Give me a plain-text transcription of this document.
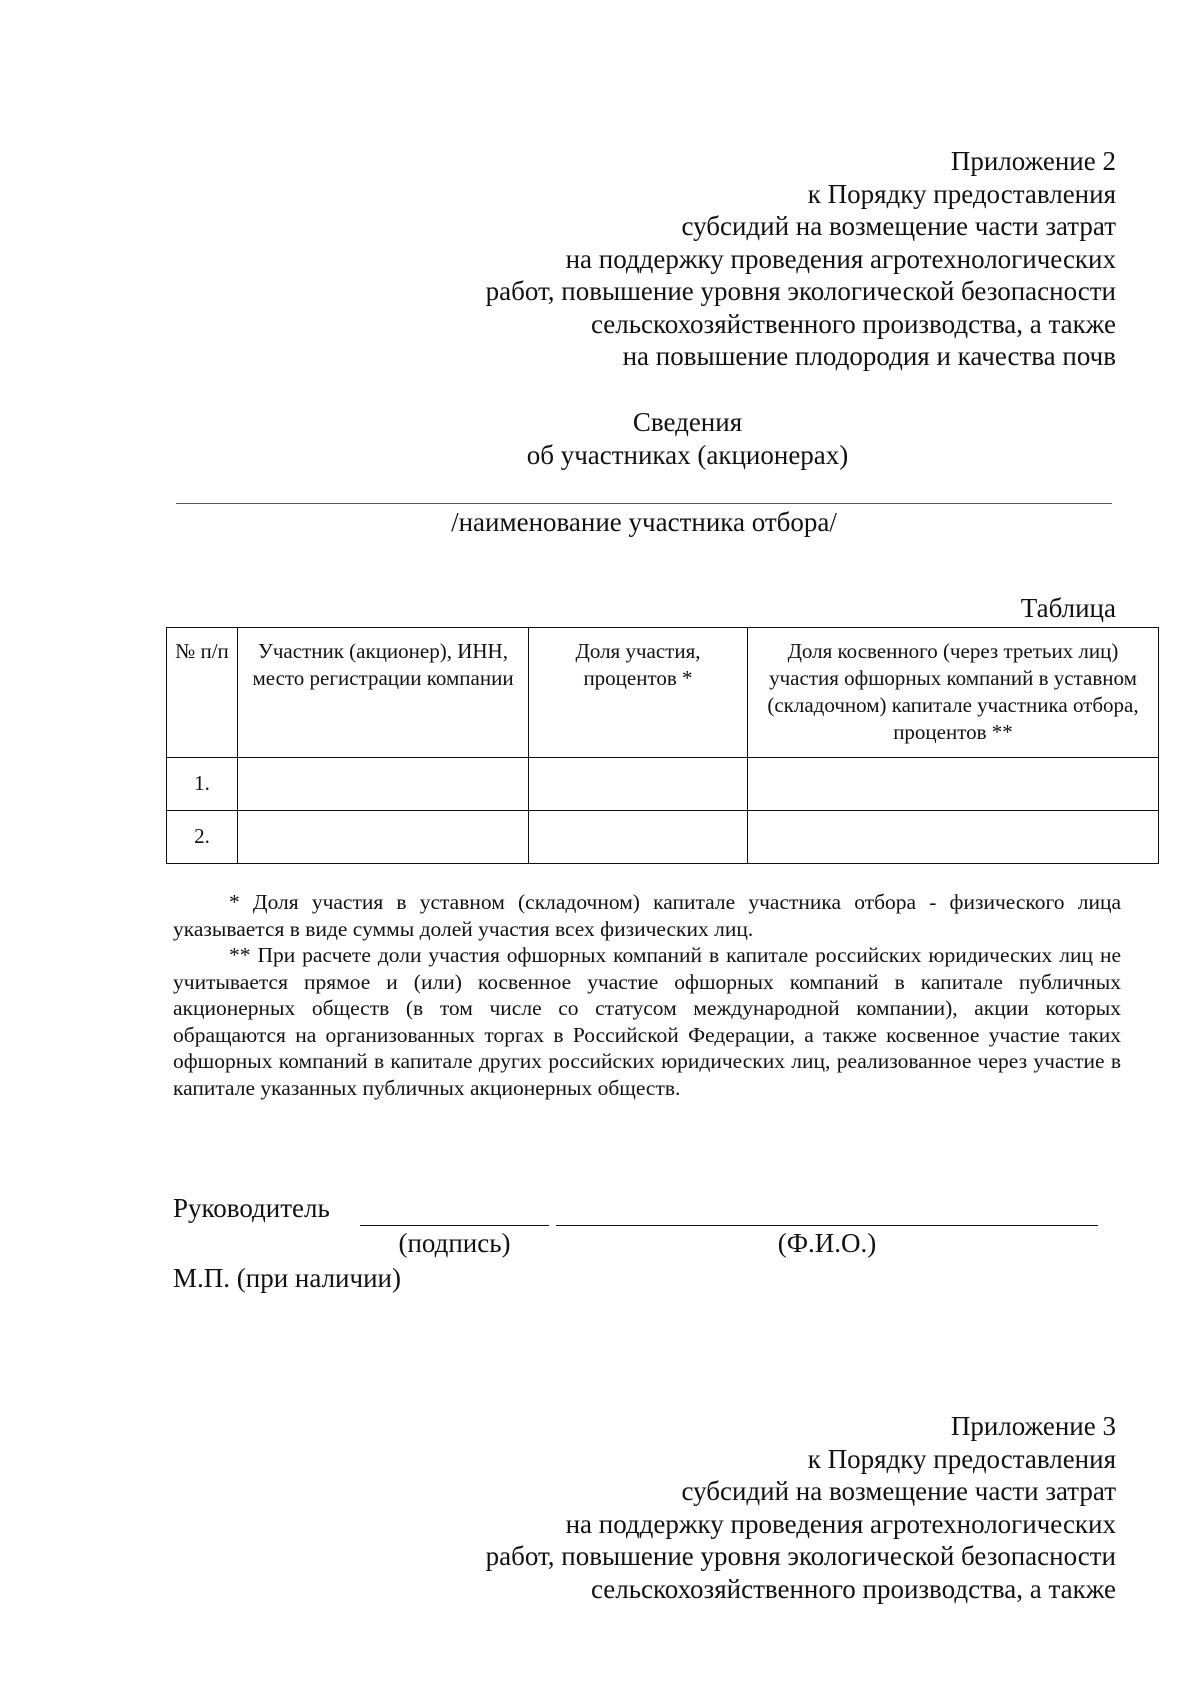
Приложение 2
к Порядку предоставления
субсидий на возмещение части затрат
на поддержку проведения агротехнологических
работ, повышение уровня экологической безопасности
сельскохозяйственного производства, а также
на повышение плодородия и качества почв
Сведения
об участниках (акционерах)
/наименование участника отбора/
Таблица
№ п/п	Участник (акционер), ИНН, место регистрации компании	Доля участия, процентов *	Доля косвенного (через третьих лиц) участия офшорных компаний в уставном (складочном) капитале участника отбора, процентов **
1.			
2.			

* Доля участия в уставном (складочном) капитале участника отбора - физического лица указывается в виде суммы долей участия всех физических лиц.

** При расчете доли участия офшорных компаний в капитале российских юридических лиц не учитывается прямое и (или) косвенное участие офшорных компаний в капитале публичных акционерных обществ (в том числе со статусом международной компании), акции которых обращаются на организованных торгах в Российской Федерации, а также косвенное участие таких офшорных компаний в капитале других российских юридических лиц, реализованное через участие в капитале указанных публичных акционерных обществ.

Руководитель
(подпись)	(Ф.И.О.)
М.П. (при наличии)
Приложение 3
к Порядку предоставления
субсидий на возмещение части затрат
на поддержку проведения агротехнологических
работ, повышение уровня экологической безопасности
сельскохозяйственного производства, а также
